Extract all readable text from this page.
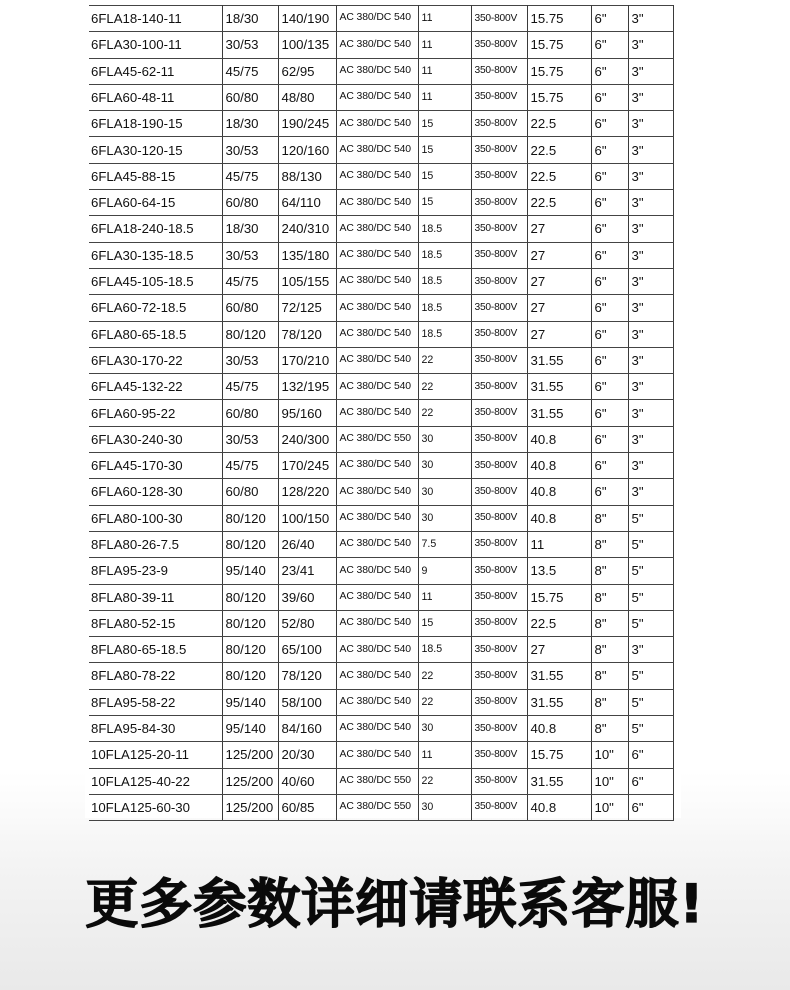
6FLA18-140-11	18/30	140/190	AC 380/DC 540	11	350-800V	15.75	6"	3"
6FLA30-100-11	30/53	100/135	AC 380/DC 540	11	350-800V	15.75	6"	3"
6FLA45-62-11	45/75	62/95	AC 380/DC 540	11	350-800V	15.75	6"	3"
6FLA60-48-11	60/80	48/80	AC 380/DC 540	11	350-800V	15.75	6"	3"
6FLA18-190-15	18/30	190/245	AC 380/DC 540	15	350-800V	22.5	6"	3"
6FLA30-120-15	30/53	120/160	AC 380/DC 540	15	350-800V	22.5	6"	3"
6FLA45-88-15	45/75	88/130	AC 380/DC 540	15	350-800V	22.5	6"	3"
6FLA60-64-15	60/80	64/110	AC 380/DC 540	15	350-800V	22.5	6"	3"
6FLA18-240-18.5	18/30	240/310	AC 380/DC 540	18.5	350-800V	27	6"	3"
6FLA30-135-18.5	30/53	135/180	AC 380/DC 540	18.5	350-800V	27	6"	3"
6FLA45-105-18.5	45/75	105/155	AC 380/DC 540	18.5	350-800V	27	6"	3"
6FLA60-72-18.5	60/80	72/125	AC 380/DC 540	18.5	350-800V	27	6"	3"
6FLA80-65-18.5	80/120	78/120	AC 380/DC 540	18.5	350-800V	27	6"	3"
6FLA30-170-22	30/53	170/210	AC 380/DC 540	22	350-800V	31.55	6"	3"
6FLA45-132-22	45/75	132/195	AC 380/DC 540	22	350-800V	31.55	6"	3"
6FLA60-95-22	60/80	95/160	AC 380/DC 540	22	350-800V	31.55	6"	3"
6FLA30-240-30	30/53	240/300	AC 380/DC 550	30	350-800V	40.8	6"	3"
6FLA45-170-30	45/75	170/245	AC 380/DC 540	30	350-800V	40.8	6"	3"
6FLA60-128-30	60/80	128/220	AC 380/DC 540	30	350-800V	40.8	6"	3"
6FLA80-100-30	80/120	100/150	AC 380/DC 540	30	350-800V	40.8	8"	5"
8FLA80-26-7.5	80/120	26/40	AC 380/DC 540	7.5	350-800V	11	8"	5"
8FLA95-23-9	95/140	23/41	AC 380/DC 540	9	350-800V	13.5	8"	5"
8FLA80-39-11	80/120	39/60	AC 380/DC 540	11	350-800V	15.75	8"	5"
8FLA80-52-15	80/120	52/80	AC 380/DC 540	15	350-800V	22.5	8"	5"
8FLA80-65-18.5	80/120	65/100	AC 380/DC 540	18.5	350-800V	27	8"	3"
8FLA80-78-22	80/120	78/120	AC 380/DC 540	22	350-800V	31.55	8"	5"
8FLA95-58-22	95/140	58/100	AC 380/DC 540	22	350-800V	31.55	8"	5"
8FLA95-84-30	95/140	84/160	AC 380/DC 540	30	350-800V	40.8	8"	5"
10FLA125-20-11	125/200	20/30	AC 380/DC 540	11	350-800V	15.75	10"	6"
10FLA125-40-22	125/200	40/60	AC 380/DC 550	22	350-800V	31.55	10"	6"
10FLA125-60-30	125/200	60/85	AC 380/DC 550	30	350-800V	40.8	10"	6"
更多参数详细请联系客服!
